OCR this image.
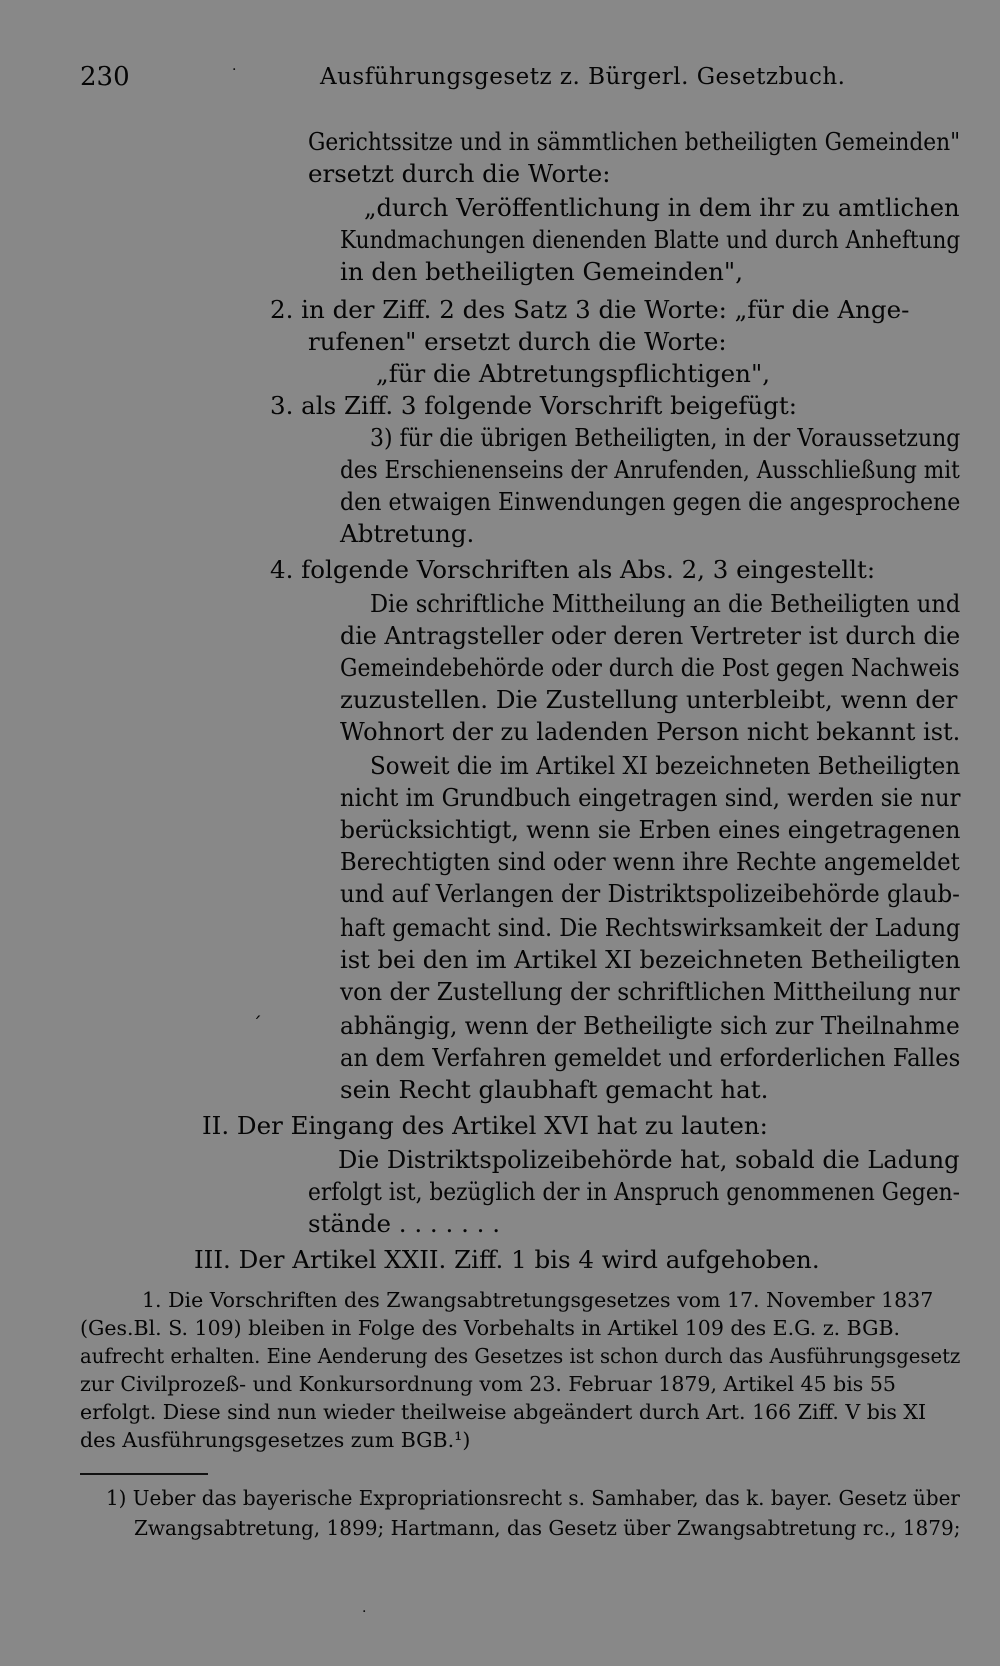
230	Ausführungsgesetz z. Bürgerl. Gesetzbuch.
·
Gerichtssitze und in sämmtlichen betheiligten Gemeinden"
ersetzt durch die Worte:
„durch Veröffentlichung in dem ihr zu amtlichen
Kundmachungen dienenden Blatte und durch Anheftung
in den betheiligten Gemeinden",
2. in der Ziff. 2 des Satz 3 die Worte: „für die Ange-
rufenen" ersetzt durch die Worte:
„für die Abtretungspflichtigen",
3. als Ziff. 3 folgende Vorschrift beigefügt:
3) für die übrigen Betheiligten, in der Voraussetzung
des Erschienenseins der Anrufenden, Ausschließung mit
den etwaigen Einwendungen gegen die angesprochene
Abtretung.
4. folgende Vorschriften als Abs. 2, 3 eingestellt:
Die schriftliche Mittheilung an die Betheiligten und
die Antragsteller oder deren Vertreter ist durch die
Gemeindebehörde oder durch die Post gegen Nachweis
zuzustellen. Die Zustellung unterbleibt, wenn der
Wohnort der zu ladenden Person nicht bekannt ist.
Soweit die im Artikel XI bezeichneten Betheiligten
nicht im Grundbuch eingetragen sind, werden sie nur
berücksichtigt, wenn sie Erben eines eingetragenen
Berechtigten sind oder wenn ihre Rechte angemeldet
und auf Verlangen der Distriktspolizeibehörde glaub-
haft gemacht sind. Die Rechtswirksamkeit der Ladung
ist bei den im Artikel XI bezeichneten Betheiligten
von der Zustellung der schriftlichen Mittheilung nur
abhängig, wenn der Betheiligte sich zur Theilnahme
an dem Verfahren gemeldet und erforderlichen Falles
sein Recht glaubhaft gemacht hat.
II. Der Eingang des Artikel XVI hat zu lauten:
Die Distriktspolizeibehörde hat, sobald die Ladung
erfolgt ist, bezüglich der in Anspruch genommenen Gegen-
stände . . . . . . .
III. Der Artikel XXII. Ziff. 1 bis 4 wird aufgehoben.
´
1. Die Vorschriften des Zwangsabtretungsgesetzes vom 17. November 1837
(Ges.Bl. S. 109) bleiben in Folge des Vorbehalts in Artikel 109 des E.G. z. BGB.
aufrecht erhalten. Eine Aenderung des Gesetzes ist schon durch das Ausführungsgesetz
zur Civilprozeß- und Konkursordnung vom 23. Februar 1879, Artikel 45 bis 55
erfolgt. Diese sind nun wieder theilweise abgeändert durch Art. 166 Ziff. V bis XI
des Ausführungsgesetzes zum BGB.¹)
1) Ueber das bayerische Expropriationsrecht s. Samhaber, das k. bayer. Gesetz über
Zwangsabtretung, 1899; Hartmann, das Gesetz über Zwangsabtretung rc., 1879;
·
